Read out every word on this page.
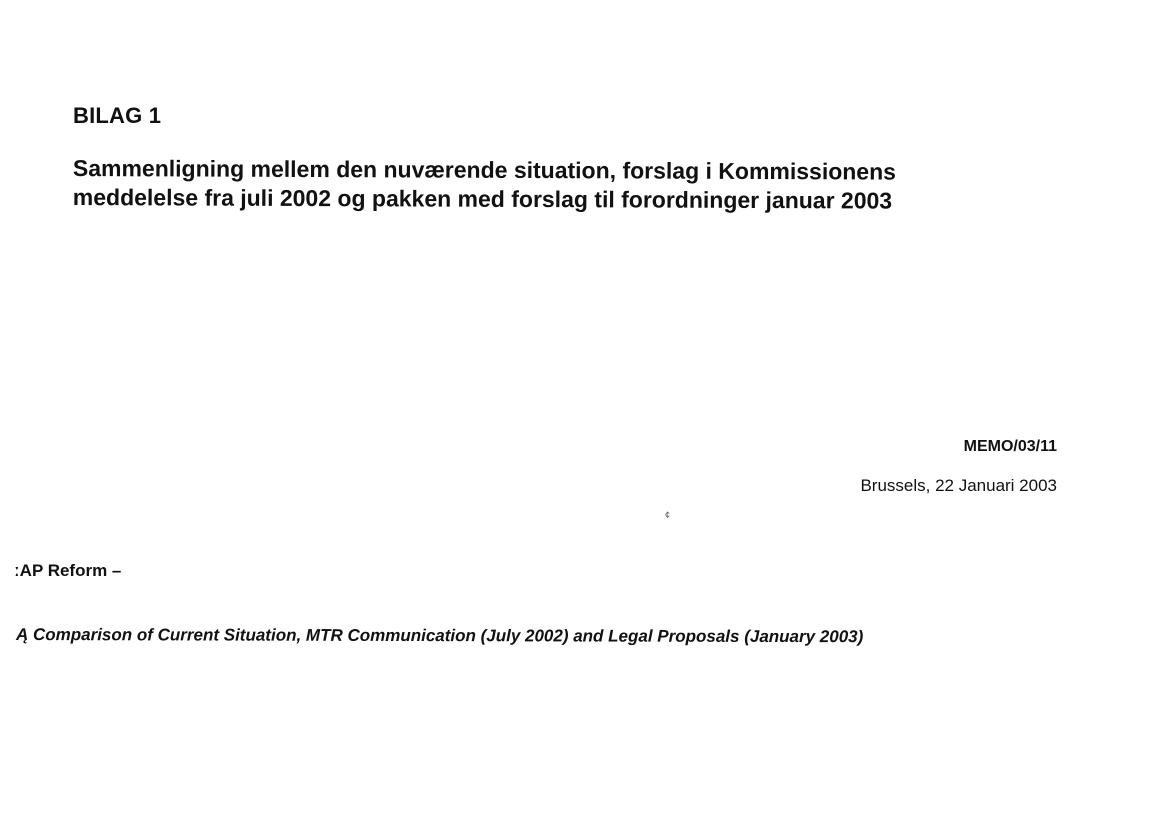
BILAG 1
Sammenligning mellem den nuværende situation, forslag i Kommissionens
meddelelse fra juli 2002 og pakken med forslag til forordninger januar 2003
MEMO/03/11
Brussels, 22 Januari 2003
¢
ːAP Reform –

Ą Comparison of Current Situation, MTR Communication (July 2002) and Legal Proposals (January 2003)
